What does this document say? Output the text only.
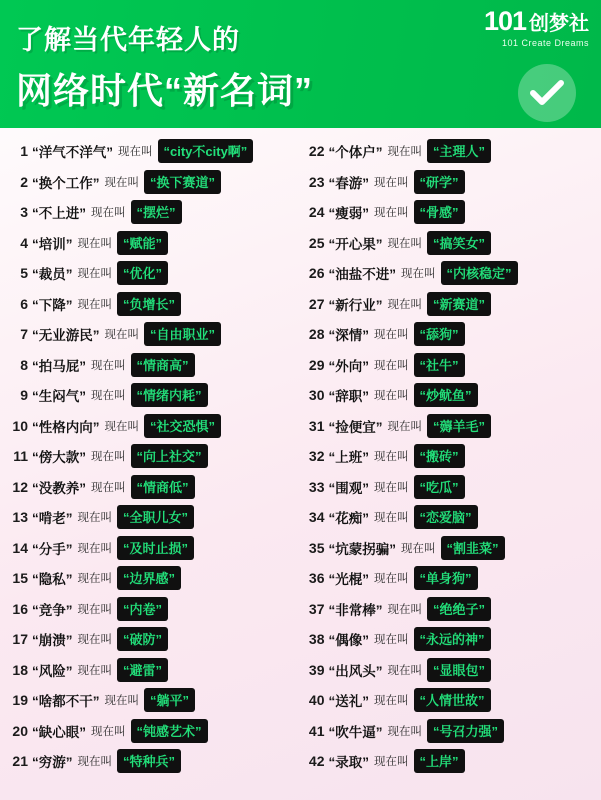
了解当代年轻人的
网络时代“新名词”
101 创梦社
101 Create Dreams
1 “洋气不洋气” 现在叫 “city不city啊”
2 “换个工作” 现在叫 “换下赛道”
3 “不上进” 现在叫 “摆烂”
4 “培训” 现在叫 “赋能”
5 “裁员” 现在叫 “优化”
6 “下降” 现在叫 “负增长”
7 “无业游民” 现在叫 “自由职业”
8 “拍马屁” 现在叫 “情商高”
9 “生闷气” 现在叫 “情绪内耗”
10 “性格内向” 现在叫 “社交恐惧”
11 “傍大款” 现在叫 “向上社交”
12 “没教养” 现在叫 “情商低”
13 “啃老” 现在叫 “全职儿女”
14 “分手” 现在叫 “及时止损”
15 “隐私” 现在叫 “边界感”
16 “竞争” 现在叫 “内卷”
17 “崩溃” 现在叫 “破防”
18 “风险” 现在叫 “避雷”
19 “啥都不干” 现在叫 “躺平”
20 “缺心眼” 现在叫 “钝感艺术”
21 “穷游” 现在叫 “特种兵”
22 “个体户” 现在叫 “主理人”
23 “春游” 现在叫 “研学”
24 “瘦弱” 现在叫 “骨感”
25 “开心果” 现在叫 “搞笑女”
26 “油盐不进” 现在叫 “内核稳定”
27 “新行业” 现在叫 “新赛道”
28 “深情” 现在叫 “舔狗”
29 “外向” 现在叫 “社牛”
30 “辞职” 现在叫 “炒鱿鱼”
31 “捡便宜” 现在叫 “薅羊毛”
32 “上班” 现在叫 “搬砖”
33 “围观” 现在叫 “吃瓜”
34 “花痴” 现在叫 “恋爱脑”
35 “坑蒙拐骗” 现在叫 “割韭菜”
36 “光棍” 现在叫 “单身狗”
37 “非常棒” 现在叫 “绝绝子”
38 “偶像” 现在叫 “永远的神”
39 “出风头” 现在叫 “显眼包”
40 “送礼” 现在叫 “人情世故”
41 “吹牛逼” 现在叫 “号召力强”
42 “录取” 现在叫 “上岸”
